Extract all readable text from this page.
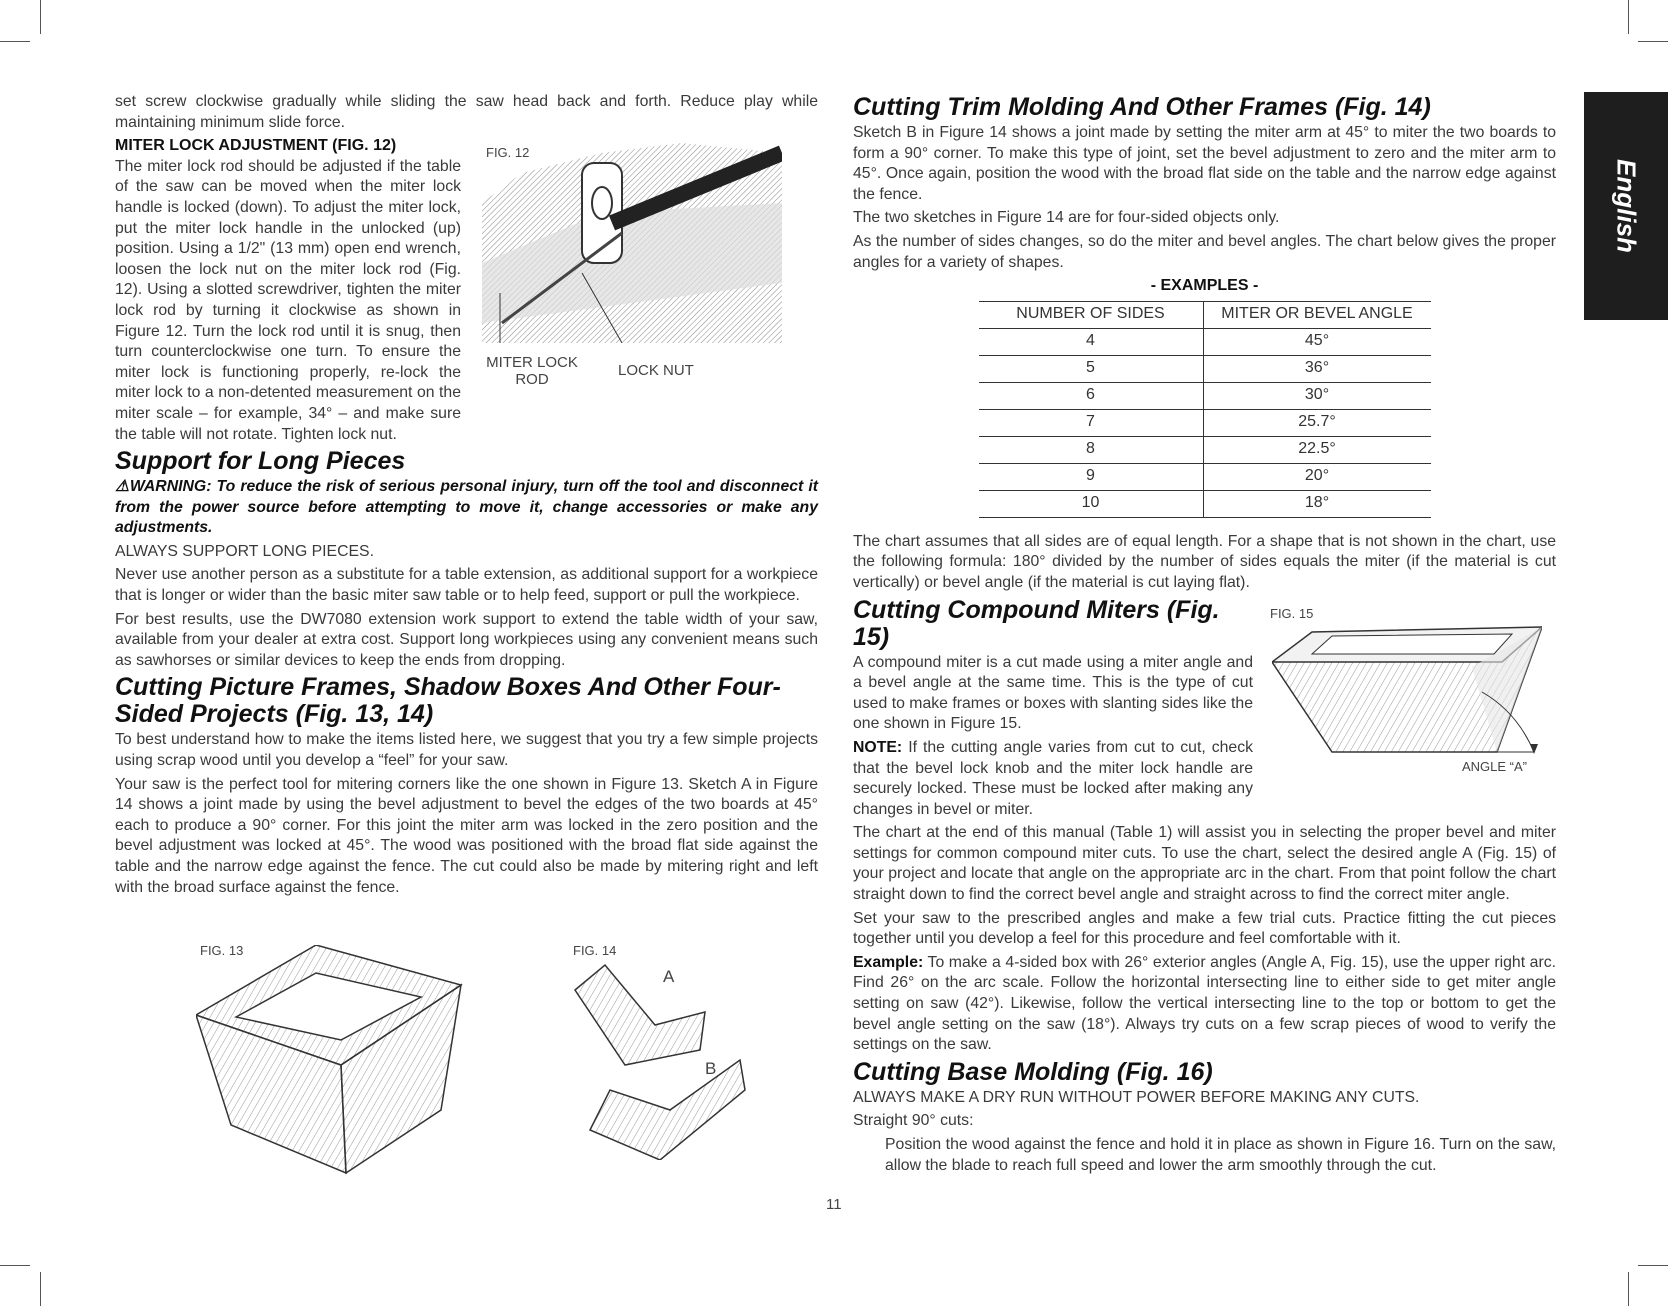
set screw clockwise gradually while sliding the saw head back and forth. Reduce play while maintaining minimum slide force.

MITER LOCK ADJUSTMENT (FIG. 12)

The miter lock rod should be adjusted if the table of the saw can be moved when the miter lock handle is locked (down). To adjust the miter lock, put the miter lock handle in the unlocked (up) position. Using a 1/2" (13 mm) open end wrench, loosen the lock nut on the miter lock rod (Fig. 12). Using a slotted screwdriver, tighten the miter lock rod by turning it clockwise as shown in Figure 12. Turn the lock rod until it is snug, then turn counterclockwise one turn. To ensure the miter lock is functioning properly, re-lock the miter lock to a non-detented measurement on the miter scale – for example, 34° – and make sure the table will not rotate. Tighten lock nut.

Support for Long Pieces

⚠WARNING: To reduce the risk of serious personal injury, turn off the tool and disconnect it from the power source before attempting to move it, change accessories or make any adjustments.

ALWAYS SUPPORT LONG PIECES.

Never use another person as a substitute for a table extension, as additional support for a workpiece that is longer or wider than the basic miter saw table or to help feed, support or pull the workpiece.

For best results, use the DW7080 extension work support to extend the table width of your saw, available from your dealer at extra cost. Support long workpieces using any convenient means such as sawhorses or similar devices to keep the ends from dropping.

Cutting Picture Frames, Shadow Boxes And Other Four-Sided Projects (Fig. 13, 14)

To best understand how to make the items listed here, we suggest that you try a few simple projects using scrap wood until you develop a “feel” for your saw.

Your saw is the perfect tool for mitering corners like the one shown in Figure 13. Sketch A in Figure 14 shows a joint made by using the bevel adjustment to bevel the edges of the two boards at 45° each to produce a 90° corner. For this joint the miter arm was locked in the zero position and the bevel adjustment was locked at 45°. The wood was positioned with the broad flat side against the table and the narrow edge against the fence. The cut could also be made by mitering right and left with the broad surface against the fence.

FIG. 12
MITER LOCK ROD
LOCK NUT
FIG. 13	FIG. 14
A
B
Cutting Trim Molding And Other Frames (Fig. 14)

Sketch B in Figure 14 shows a joint made by setting the miter arm at 45° to miter the two boards to form a 90° corner. To make this type of joint, set the bevel adjustment to zero and the miter arm to 45°. Once again, position the wood with the broad flat side on the table and the narrow edge against the fence.

The two sketches in Figure 14 are for four-sided objects only.

As the number of sides changes, so do the miter and bevel angles. The chart below gives the proper angles for a variety of shapes.

- EXAMPLES -
NUMBER OF SIDES	MITER OR BEVEL ANGLE
4	45°
5	36°
6	30°
7	25.7°
8	22.5°
9	20°
10	18°

The chart assumes that all sides are of equal length. For a shape that is not shown in the chart, use the following formula: 180° divided by the number of sides equals the miter (if the material is cut vertically) or bevel angle (if the material is cut laying flat).

Cutting Compound Miters (Fig. 15)

A compound miter is a cut made using a miter angle and a bevel angle at the same time. This is the type of cut used to make frames or boxes with slanting sides like the one shown in Figure 15.

NOTE: If the cutting angle varies from cut to cut, check that the bevel lock knob and the miter lock handle are securely locked. These must be locked after making any changes in bevel or miter.

The chart at the end of this manual (Table 1) will assist you in selecting the proper bevel and miter settings for common compound miter cuts. To use the chart, select the desired angle A (Fig. 15) of your project and locate that angle on the appropriate arc in the chart. From that point follow the chart straight down to find the correct bevel angle and straight across to find the correct miter angle.

Set your saw to the prescribed angles and make a few trial cuts. Practice fitting the cut pieces together until you develop a feel for this procedure and feel comfortable with it.

Example: To make a 4-sided box with 26° exterior angles (Angle A, Fig. 15), use the upper right arc. Find 26° on the arc scale. Follow the horizontal intersecting line to either side to get miter angle setting on saw (42°). Likewise, follow the vertical intersecting line to the top or bottom to get the bevel angle setting on the saw (18°). Always try cuts on a few scrap pieces of wood to verify the settings on the saw.

Cutting Base Molding (Fig. 16)

ALWAYS MAKE A DRY RUN WITHOUT POWER BEFORE MAKING ANY CUTS.

Straight 90° cuts:

Position the wood against the fence and hold it in place as shown in Figure 16. Turn on the saw, allow the blade to reach full speed and lower the arm smoothly through the cut.

FIG. 15
ANGLE “A”
English
11
